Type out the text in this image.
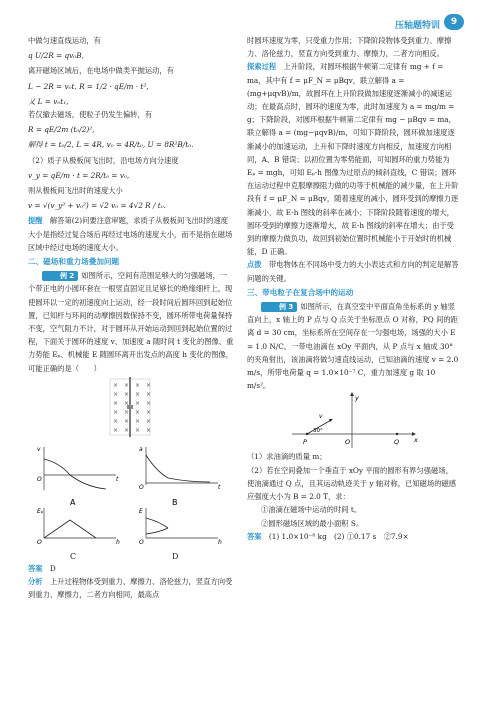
压轴题特训	9

中做匀速直线运动，有

q U/2R = qv₀B,

离开磁场区域后，在电场中做类平抛运动，有

L − 2R = v₀t, R = 1/2 · qE/m · t²,

又 L = v₀t₁,

若仅撤去磁场，使粒子仍发生偏转，有

R = qE/2m (t₀/2)²,

解得 t = t₀/2, L = 4R, v₀ = 4R/t₀, U = 8R²B/t₀.

（2）质子从极板间飞出时，沿电场方向分速度

v_y = qE/m · t = 2R/t₀ = v₀,

则从极板间飞出时的速度大小

v = √(v_y² + v₀²) = √2 v₀ = 4√2 R / t₀.

提醒　 解答第(2)问要注意审题，求质子从极板间飞出时的速度大小是指经过复合场后再经过电场的速度大小，而不是指在磁场区域中经过电场的速度大小。

二、磁场和重力场叠加问题

例 2 如图所示，空间有范围足够大的匀强磁场，一个带正电的小圆环套在一根竖直固定且足够长的绝缘细杆上，现使圆环以一定的初速度向上运动，经一段时间后圆环回到起始位置，已知杆与环间的动摩擦因数保持不变，圆环所带电荷量保持不变，空气阻力不计，对于圆环从开始运动到回到起始位置的过程，下面关于圆环的速度 v、加速度 a 随时间 t 变化的图像、重力势能 Eₚ、机械能 E 随圆环离开出发点的高度 h 变化的图像，可能正确的是（　　）

× × × ×
× × × ×
× × × ×
× × × ×
× × × ×
× × × ×
v
t
O
A
a
t
O
B
Eₚ
h
O
E
h
O
C	D

答案　 D

分析　 上升过程物体受到重力、摩擦力、洛伦兹力，竖直方向受到重力、摩擦力，二者方向相同，最高点

时圆环速度为零，只受重力作用；下降阶段物体受到重力、摩擦力、洛伦兹力，竖直方向受到重力、摩擦力，二者方向相反。

探索过程　 上升阶段，对圆环根据牛顿第二定律有 mg + f = ma，其中有 f = μF_N = μBqv，联立解得 a = (mg+μqvB)/m，故圆环在上升阶段做加速度逐渐减小的减速运动；在最高点时，圆环的速度为零，此时加速度为 a = mg/m = g；下降阶段，对圆环根据牛顿第二定律有 mg − μBqv = ma，联立解得 a = (mg−μqvB)/m，可知下降阶段，圆环做加速度逐渐减小的加速运动，上升和下降时速度方向相反，加速度方向相同，A、B 错误；以初位置为零势能面，可知圆环的重力势能为 Eₚ = mgh，可知 Eₚ-h 图像为过原点的倾斜直线，C 错误；圆环在运动过程中克服摩擦阻力做的功等于机械能的减少量，在上升阶段有 f = μF_N = μBqv，随着速度的减小，圆环受到的摩擦力逐渐减小，故 E-h 图线的斜率在减小；下降阶段随着速度的增大，圆环受到的摩擦力逐渐增大，故 E-h 图线的斜率在增大；由于受到的摩擦力做负功，故回到初始位置时机械能小于开始时的机械能，D 正确。

点拨　 带电物体在不同场中受力的大小表达式和方向的判定是解答问题的关键。

三、带电粒子在复合场中的运动

例 3 如图所示，在真空室中平面直角坐标系的 y 轴竖直向上，x 轴上的 P 点与 Q 点关于坐标原点 O 对称，PQ 间的距离 d = 30 cm，坐标系所在空间存在一匀强电场，场强的大小 E = 1.0 N/C。一带电油滴在 xOy 平面内，从 P 点与 x 轴成 30° 的夹角射出，该油滴将做匀速直线运动，已知油滴的速度 v = 2.0 m/s，所带电荷量 q = 1.0×10⁻⁷ C，重力加速度 g 取 10 m/s²。

y
x
P	O	Q
v
30°

（1）求油滴的质量 m；

（2）若在空间叠加一个垂直于 xOy 平面的圆形有界匀强磁场，使油滴通过 Q 点，且其运动轨迹关于 y 轴对称，已知磁场的磁感应强度大小为 B = 2.0 T，求：

①油滴在磁场中运动的时间 t。

②圆形磁场区域的最小面积 S。

答案　 (1) 1.0×10⁻⁸ kg　(2) ①0.17 s　②7.9×
